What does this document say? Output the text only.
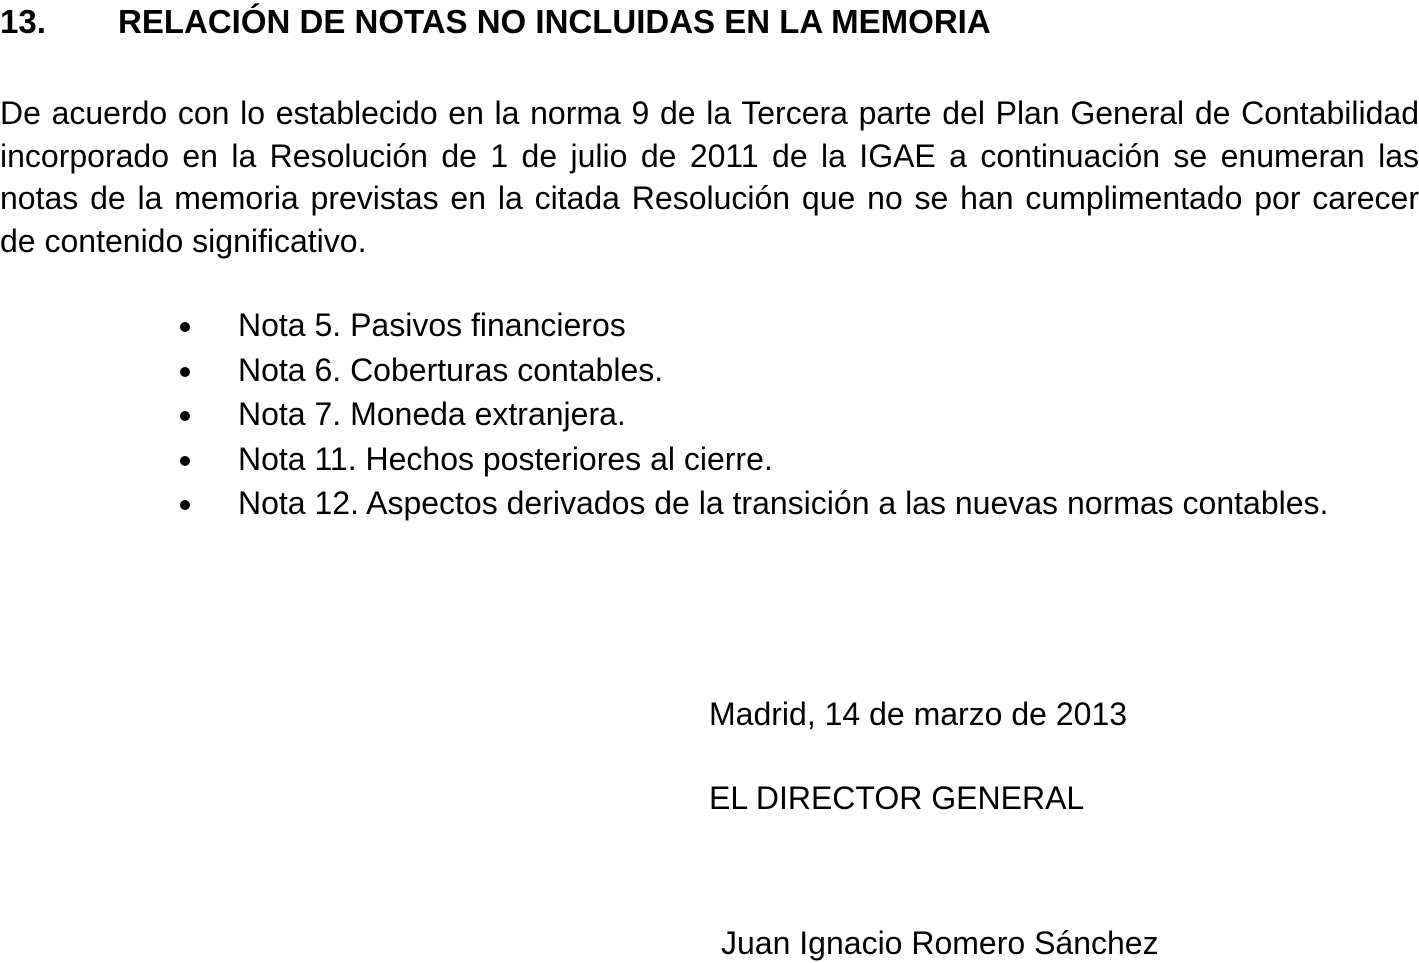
13. RELACIÓN DE NOTAS NO INCLUIDAS EN LA MEMORIA

De acuerdo con lo establecido en la norma 9 de la Tercera parte del Plan General de Contabilidad incorporado en la Resolución de 1 de julio de 2011 de la IGAE a continuación se enumeran las notas de la memoria previstas en la citada Resolución que no se han cumplimentado por carecer de contenido significativo.

Nota 5. Pasivos financieros
Nota 6. Coberturas contables.
Nota 7. Moneda extranjera.
Nota 11. Hechos posteriores al cierre.
Nota 12. Aspectos derivados de la transición a las nuevas normas contables.

Madrid, 14 de marzo de 2013

EL DIRECTOR GENERAL

Juan Ignacio Romero Sánchez
